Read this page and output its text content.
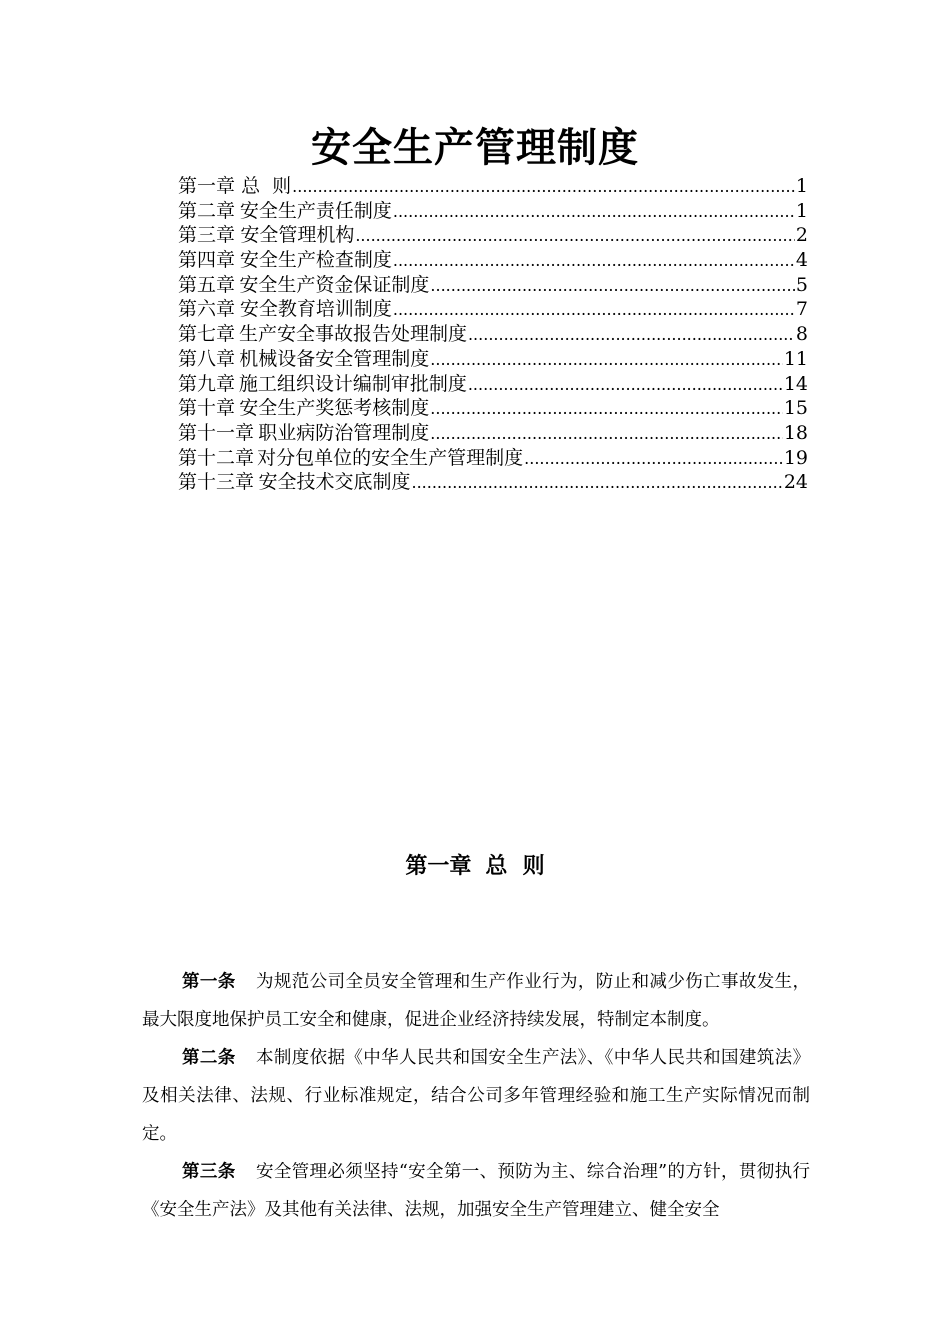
安全生产管理制度
第一章 总  则 .....	1
第二章 安全生产责任制度 .....	1
第三章 安全管理机构 .....	2
第四章 安全生产检查制度 .....	4
第五章 安全生产资金保证制度 .....	5
第六章 安全教育培训制度 .....	7
第七章 生产安全事故报告处理制度 .....	8
第八章 机械设备安全管理制度 .....	11
第九章 施工组织设计编制审批制度 .....	14
第十章 安全生产奖惩考核制度 .....	15
第十一章 职业病防治管理制度 .....	18
第十二章 对分包单位的安全生产管理制度 .....	19
第十三章 安全技术交底制度 .....	24
第一章 总  则

第一条 为规范公司全员安全管理和生产作业行为，防止和减少伤亡事故发生，最大限度地保护员工安全和健康，促进企业经济持续发展，特制定本制度。

第二条 本制度依据《中华人民共和国安全生产法》、《中华人民共和国建筑法》及相关法律、法规、行业标准规定，结合公司多年管理经验和施工生产实际情况而制定。

第三条 安全管理必须坚持“安全第一、预防为主、综合治理”的方针，贯彻执行《安全生产法》及其他有关法律、法规，加强安全生产管理建立、健全安全
